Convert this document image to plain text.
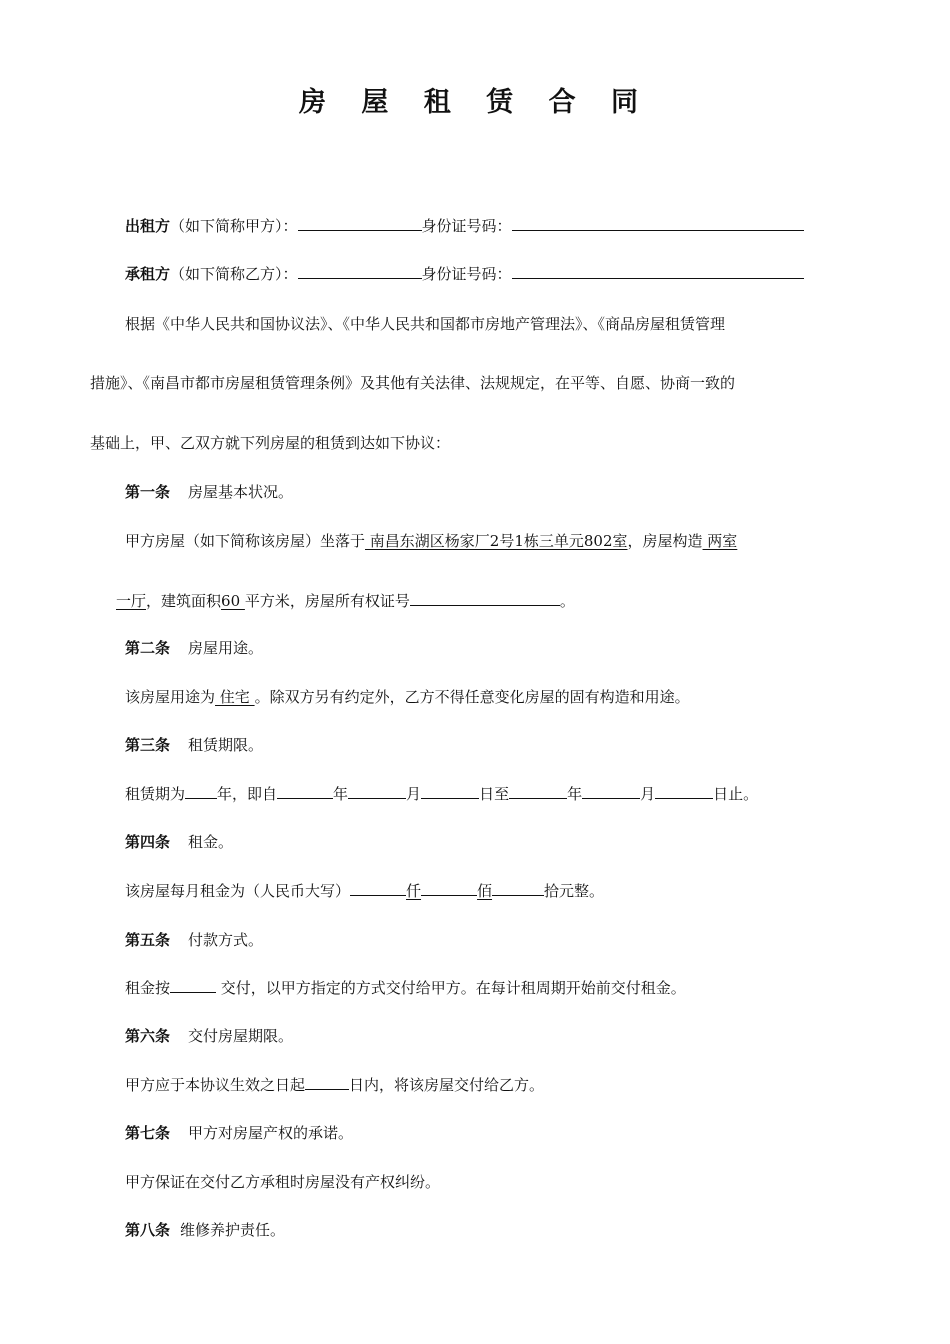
房 屋 租 赁 合 同
出租方（如下简称甲方）：	身份证号码：
承租方（如下简称乙方）：	身份证号码：
根据《中华人民共和国协议法》、《中华人民共和国都市房地产管理法》、《商品房屋租赁管理
措施》、《南昌市都市房屋租赁管理条例》及其他有关法律、法规规定，在平等、自愿、协商一致的
基础上，甲、乙双方就下列房屋的租赁到达如下协议：
第一条 房屋基本状况。
甲方房屋（如下简称该房屋）坐落于 南昌东湖区杨家厂2号1栋三单元802室，房屋构造 两室
一厅，建筑面积60 平方米，房屋所有权证号	。
第二条 房屋用途。
该房屋用途为 住宅 。除双方另有约定外，乙方不得任意变化房屋的固有构造和用途。
第三条 租赁期限。
租赁期为 年，即自	年	月	日至	年	月	日止。
第四条 租金。
该房屋每月租金为（人民币大写）	仟	佰	拾元整。
第五条 付款方式。
租金按	交付，以甲方指定的方式交付给甲方。在每计租周期开始前交付租金。
第六条 交付房屋期限。
甲方应于本协议生效之日起	日内，将该房屋交付给乙方。
第七条 甲方对房屋产权的承诺。
甲方保证在交付乙方承租时房屋没有产权纠纷。
第八条 维修养护责任。
